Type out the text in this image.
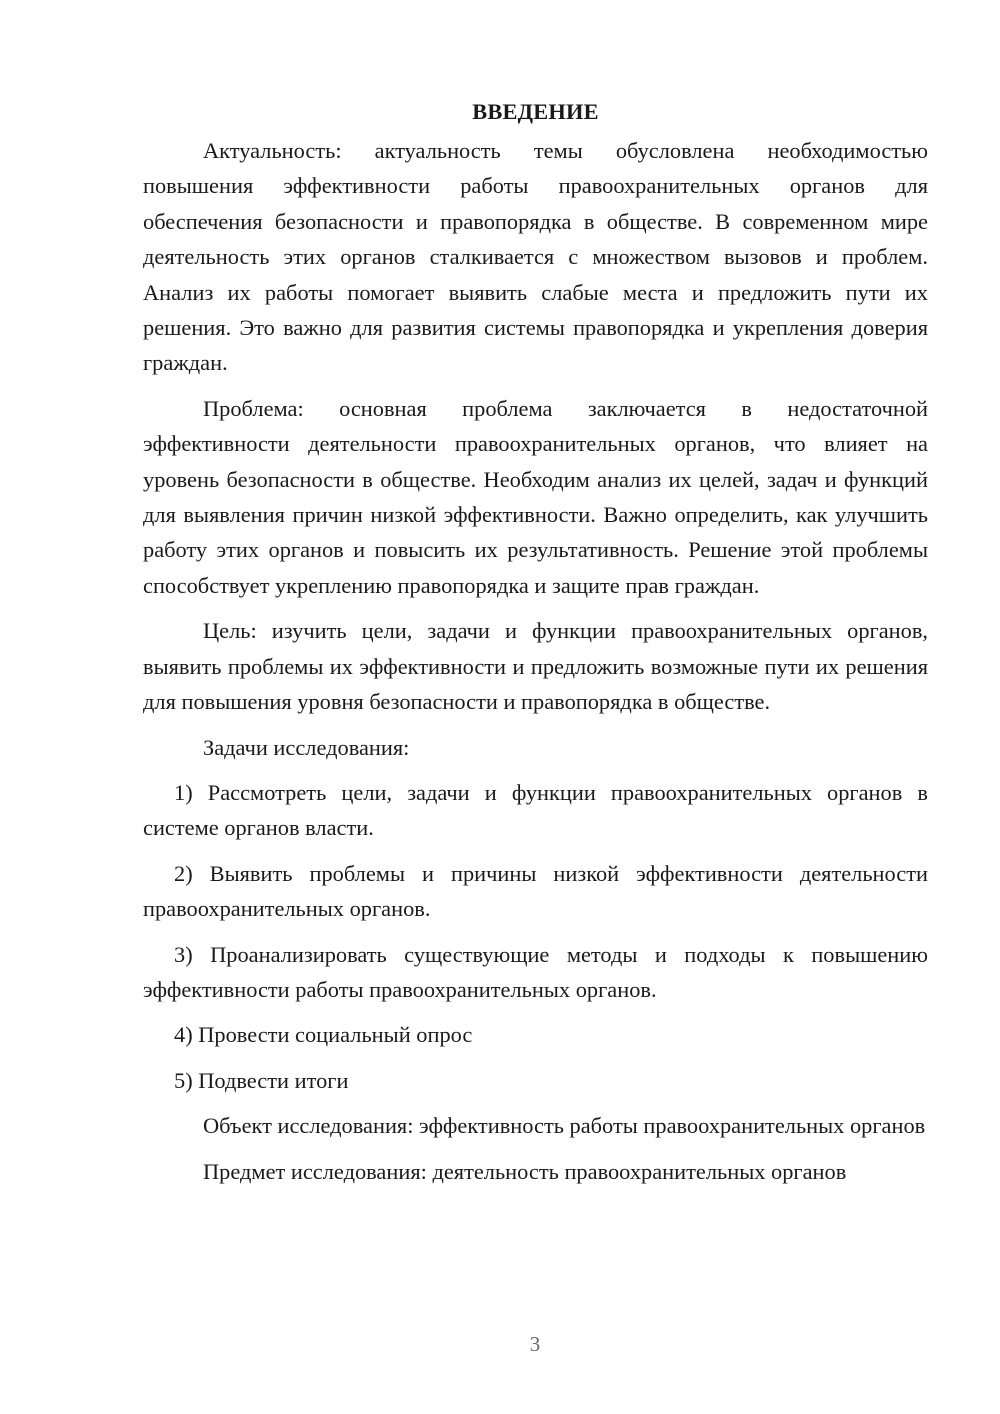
ВВЕДЕНИЕ

Актуальность: актуальность темы обусловлена необходимостью повышения эффективности работы правоохранительных органов для обеспечения безопасности и правопорядка в обществе. В современном мире деятельность этих органов сталкивается с множеством вызовов и проблем. Анализ их работы помогает выявить слабые места и предложить пути их решения. Это важно для развития системы правопорядка и укрепления доверия граждан.

Проблема: основная проблема заключается в недостаточной эффективности деятельности правоохранительных органов, что влияет на уровень безопасности в обществе. Необходим анализ их целей, задач и функций для выявления причин низкой эффективности. Важно определить, как улучшить работу этих органов и повысить их результативность. Решение этой проблемы способствует укреплению правопорядка и защите прав граждан.

Цель: изучить цели, задачи и функции правоохранительных органов, выявить проблемы их эффективности и предложить возможные пути их решения для повышения уровня безопасности и правопорядка в обществе.

Задачи исследования:

1) Рассмотреть цели, задачи и функции правоохранительных органов в системе органов власти.

2) Выявить проблемы и причины низкой эффективности деятельности правоохранительных органов.

3) Проанализировать существующие методы и подходы к повышению эффективности работы правоохранительных органов.

4) Провести социальный опрос

5) Подвести итоги

Объект исследования: эффективность работы правоохранительных органов

Предмет исследования: деятельность правоохранительных органов

3
